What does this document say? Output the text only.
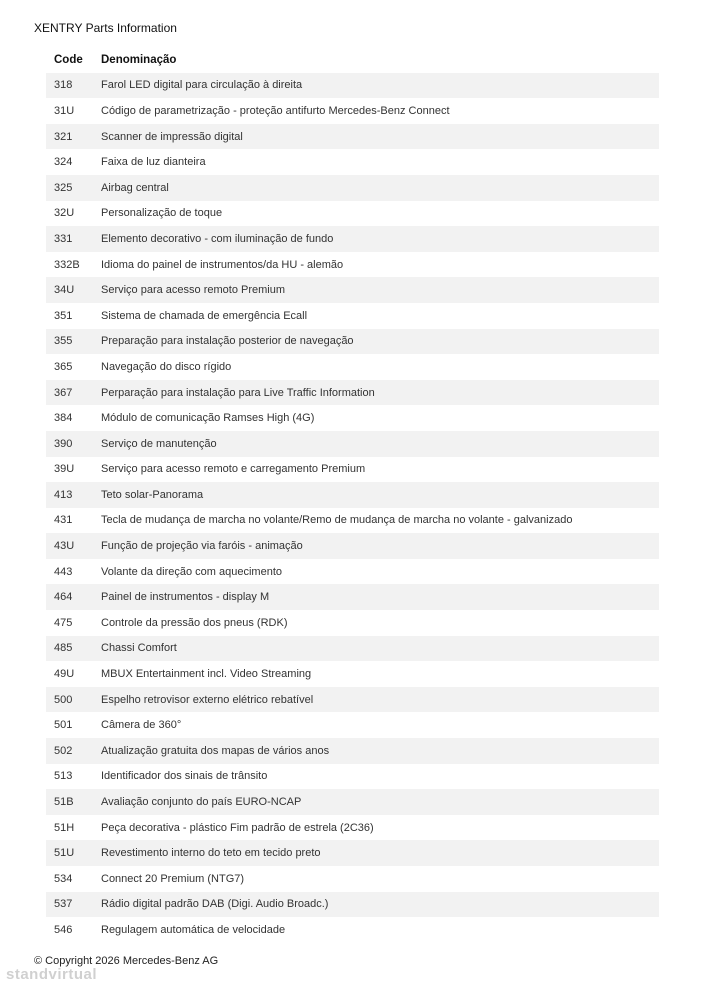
XENTRY Parts Information
Code	Denominação
318	Farol LED digital para circulação à direita
31U	Código de parametrização - proteção antifurto Mercedes-Benz Connect
321	Scanner de impressão digital
324	Faixa de luz dianteira
325	Airbag central
32U	Personalização de toque
331	Elemento decorativo - com iluminação de fundo
332B	Idioma do painel de instrumentos/da HU - alemão
34U	Serviço para acesso remoto Premium
351	Sistema de chamada de emergência Ecall
355	Preparação para instalação posterior de navegação
365	Navegação do disco rígido
367	Perparação para instalação para Live Traffic Information
384	Módulo de comunicação Ramses High (4G)
390	Serviço de manutenção
39U	Serviço para acesso remoto e carregamento Premium
413	Teto solar-Panorama
431	Tecla de mudança de marcha no volante/Remo de mudança de marcha no volante - galvanizado
43U	Função de projeção via faróis - animação
443	Volante da direção com aquecimento
464	Painel de instrumentos - display M
475	Controle da pressão dos pneus (RDK)
485	Chassi Comfort
49U	MBUX Entertainment incl. Video Streaming
500	Espelho retrovisor externo elétrico rebatível
501	Câmera de 360°
502	Atualização gratuita dos mapas de vários anos
513	Identificador dos sinais de trânsito
51B	Avaliação conjunto do país EURO-NCAP
51H	Peça decorativa - plástico Fim padrão de estrela (2C36)
51U	Revestimento interno do teto em tecido preto
534	Connect 20 Premium (NTG7)
537	Rádio digital padrão DAB (Digi. Audio Broadc.)
546	Regulagem automática de velocidade
© Copyright 2026 Mercedes-Benz AG
standvirtual
